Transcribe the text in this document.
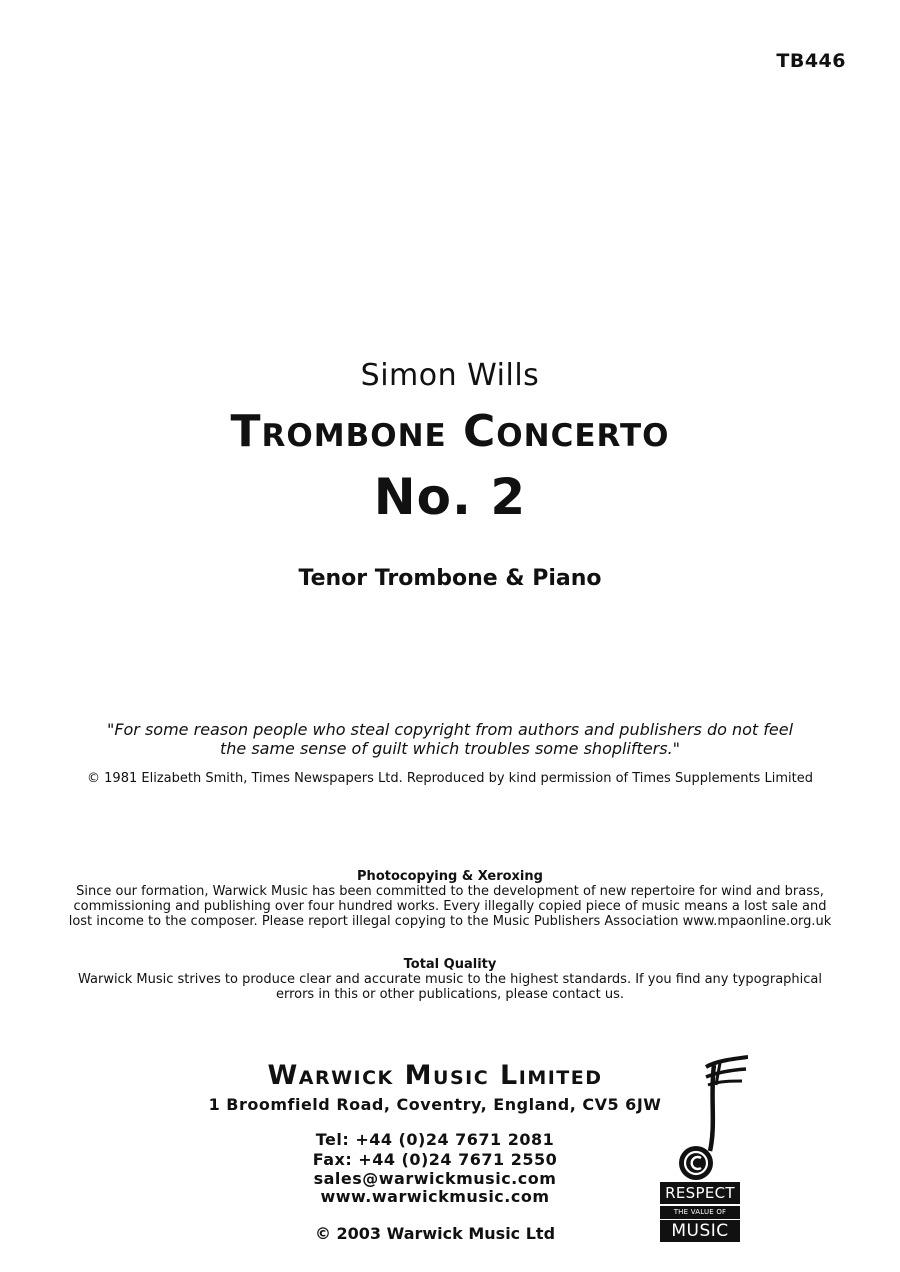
TB446
Simon Wills
Trombone Concerto
No. 2
Tenor Trombone & Piano
"For some reason people who steal copyright from authors and publishers do not feel
the same sense of guilt which troubles some shoplifters."
© 1981 Elizabeth Smith, Times Newspapers Ltd. Reproduced by kind permission of Times Supplements Limited
Photocopying & Xeroxing
Since our formation, Warwick Music has been committed to the development of new repertoire for wind and brass,
commissioning and publishing over four hundred works. Every illegally copied piece of music means a lost sale and
lost income to the composer. Please report illegal copying to the Music Publishers Association www.mpaonline.org.uk
Total Quality
Warwick Music strives to produce clear and accurate music to the highest standards. If you find any typographical
errors in this or other publications, please contact us.
Warwick Music Limited
1 Broomfield Road, Coventry, England, CV5 6JW
Tel: +44 (0)24 7671 2081
Fax: +44 (0)24 7671 2550
sales@warwickmusic.com
www.warwickmusic.com
© 2003 Warwick Music Ltd
RESPECT
THE VALUE OF
MUSIC
